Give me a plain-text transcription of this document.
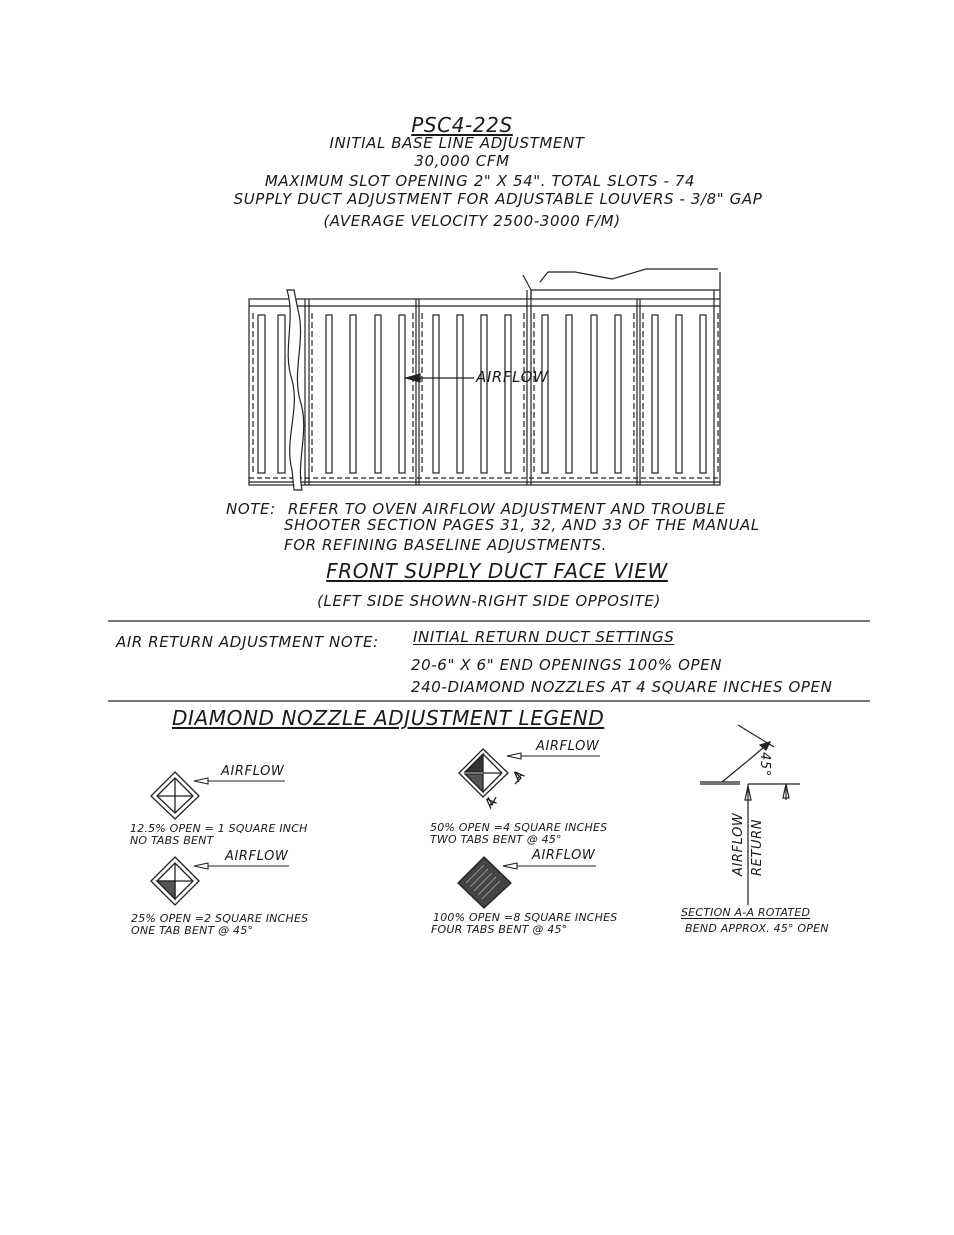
PSC4-22S
INITIAL BASE LINE ADJUSTMENT
30,000 CFM
MAXIMUM SLOT OPENING 2" X 54". TOTAL SLOTS - 74
SUPPLY DUCT ADJUSTMENT FOR ADJUSTABLE LOUVERS - 3/8" GAP
(AVERAGE VELOCITY 2500-3000 F/M)
AIRFLOW
NOTE: REFER TO OVEN AIRFLOW ADJUSTMENT AND TROUBLE
SHOOTER SECTION PAGES 31, 32, AND 33 OF THE MANUAL
FOR REFINING BASELINE ADJUSTMENTS.
FRONT SUPPLY DUCT FACE VIEW
(LEFT SIDE SHOWN-RIGHT SIDE OPPOSITE)
AIR RETURN ADJUSTMENT NOTE: INITIAL RETURN DUCT SETTINGS
20-6" X 6" END OPENINGS 100% OPEN
240-DIAMOND NOZZLES AT 4 SQUARE INCHES OPEN
DIAMOND NOZZLE ADJUSTMENT LEGEND
AIRFLOW
12.5% OPEN = 1 SQUARE INCH
NO TABS BENT
AIRFLOW
25% OPEN =2 SQUARE INCHES
ONE TAB BENT @ 45°
AIRFLOW
50% OPEN =4 SQUARE INCHES
TWO TABS BENT @ 45°
AIRFLOW
100% OPEN =8 SQUARE INCHES
FOUR TABS BENT @ 45°
A
A
45°
AIRFLOW RETURN
SECTION A-A ROTATED
BEND APPROX. 45° OPEN
